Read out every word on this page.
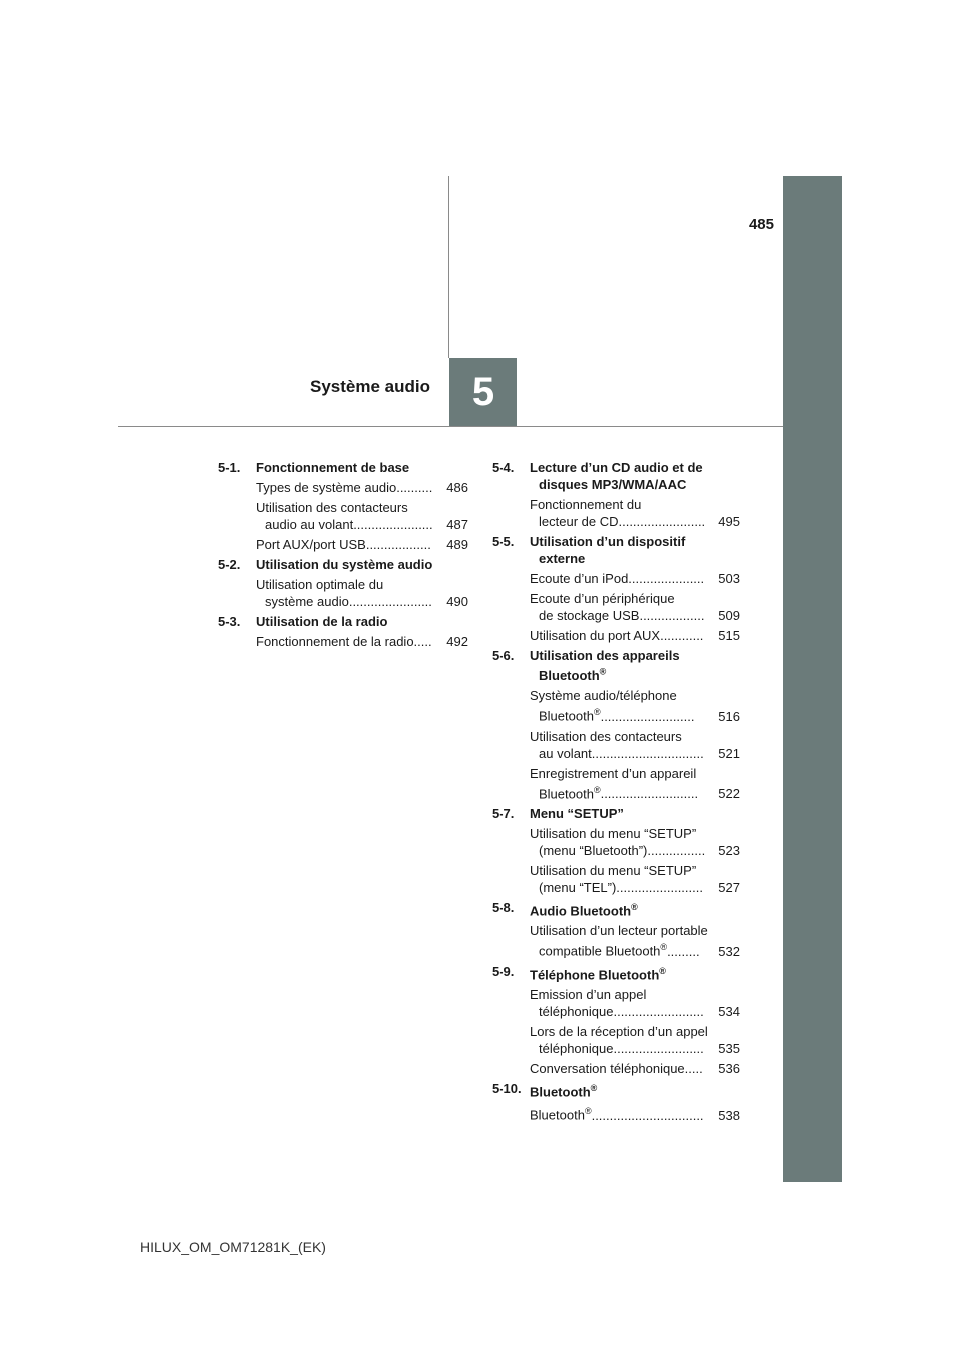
5
485
Système audio
5-1.	Fonctionnement de base
Types de système audio ..........	486
Utilisation des contacteurs
audio au volant ......................	487
Port AUX/port USB ..................	489
5-2.	Utilisation du système audio
Utilisation optimale du
système audio .......................	490
5-3.	Utilisation de la radio
Fonctionnement de la radio .....	492
5-4.	Lecture d’un CD audio et de
disques MP3/WMA/AAC
Fonctionnement du
lecteur de CD ........................	495
5-5.	Utilisation d’un dispositif
externe
Ecoute d’un iPod .....................	503
Ecoute d’un périphérique
de stockage USB ..................	509
Utilisation du port AUX ............	515
5-6.	Utilisation des appareils
Bluetooth®
Système audio/téléphone
Bluetooth® ..........................	516
Utilisation des contacteurs
au volant ...............................	521
Enregistrement d’un appareil
Bluetooth® ...........................	522
5-7.	Menu “SETUP”
Utilisation du menu “SETUP”
(menu “Bluetooth”) ................	523
Utilisation du menu “SETUP”
(menu “TEL”) ........................	527
5-8.	Audio Bluetooth®
Utilisation d’un lecteur portable
compatible Bluetooth® .........	532
5-9.	Téléphone Bluetooth®
Emission d’un appel
téléphonique .........................	534
Lors de la réception d’un appel
téléphonique .........................	535
Conversation téléphonique .....	536
5-10. Bluetooth®
Bluetooth® ...............................	538
HILUX_OM_OM71281K_(EK)
